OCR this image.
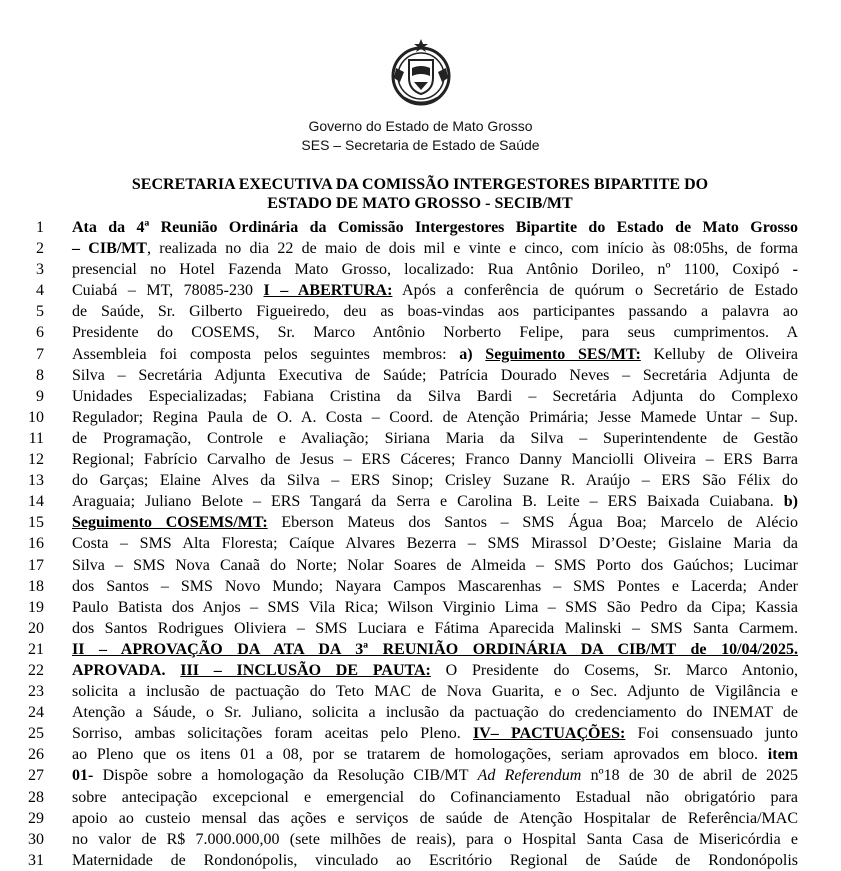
Governo do Estado de Mato Grosso
SES – Secretaria de Estado de Saúde
SECRETARIA EXECUTIVA DA COMISSÃO INTERGESTORES BIPARTITE DO
ESTADO DE MATO GROSSO - SECIB/MT
1 Ata da 4ª Reunião Ordinária da Comissão Intergestores Bipartite do Estado de Mato Grosso
2 – CIB/MT, realizada no dia 22 de maio de dois mil e vinte e cinco, com início às 08:05hs, de forma
3 presencial no Hotel Fazenda Mato Grosso, localizado: Rua Antônio Dorileo, nº 1100, Coxipó -
4 Cuiabá – MT, 78085-230 I – ABERTURA: Após a conferência de quórum o Secretário de Estado
5 de Saúde, Sr. Gilberto Figueiredo, deu as boas-vindas aos participantes passando a palavra ao
6 Presidente do COSEMS, Sr. Marco Antônio Norberto Felipe, para seus cumprimentos. A
7 Assembleia foi composta pelos seguintes membros: a) Seguimento SES/MT: Kelluby de Oliveira
8 Silva – Secretária Adjunta Executiva de Saúde; Patrícia Dourado Neves – Secretária Adjunta de
9 Unidades Especializadas; Fabiana Cristina da Silva Bardi – Secretária Adjunta do Complexo
10 Regulador; Regina Paula de O. A. Costa – Coord. de Atenção Primária; Jesse Mamede Untar – Sup.
11 de Programação, Controle e Avaliação; Siriana Maria da Silva – Superintendente de Gestão
12 Regional; Fabrício Carvalho de Jesus – ERS Cáceres; Franco Danny Manciolli Oliveira – ERS Barra
13 do Garças; Elaine Alves da Silva – ERS Sinop; Crisley Suzane R. Araújo – ERS São Félix do
14 Araguaia; Juliano Belote – ERS Tangará da Serra e Carolina B. Leite – ERS Baixada Cuiabana. b)
15 Seguimento COSEMS/MT: Eberson Mateus dos Santos – SMS Água Boa; Marcelo de Alécio
16 Costa – SMS Alta Floresta; Caíque Alvares Bezerra – SMS Mirassol D’Oeste; Gislaine Maria da
17 Silva – SMS Nova Canaã do Norte; Nolar Soares de Almeida – SMS Porto dos Gaúchos; Lucimar
18 dos Santos – SMS Novo Mundo; Nayara Campos Mascarenhas – SMS Pontes e Lacerda; Ander
19 Paulo Batista dos Anjos – SMS Vila Rica; Wilson Virginio Lima – SMS São Pedro da Cipa; Kassia
20 dos Santos Rodrigues Oliviera – SMS Luciara e Fátima Aparecida Malinski – SMS Santa Carmem.
21 II – APROVAÇÃO DA ATA DA 3ª REUNIÃO ORDINÁRIA DA CIB/MT de 10/04/2025.
22 APROVADA. III – INCLUSÃO DE PAUTA: O Presidente do Cosems, Sr. Marco Antonio,
23 solicita a inclusão de pactuação do Teto MAC de Nova Guarita, e o Sec. Adjunto de Vigilância e
24 Atenção a Sáude, o Sr. Juliano, solicita a inclusão da pactuação do credenciamento do INEMAT de
25 Sorriso, ambas solicitações foram aceitas pelo Pleno. IV– PACTUAÇÕES: Foi consensuado junto
26 ao Pleno que os itens 01 a 08, por se tratarem de homologações, seriam aprovados em bloco. item
27 01- Dispõe sobre a homologação da Resolução CIB/MT Ad Referendum nº18 de 30 de abril de 2025
28 sobre antecipação excepcional e emergencial do Cofinanciamento Estadual não obrigatório para
29 apoio ao custeio mensal das ações e serviços de saúde de Atenção Hospitalar de Referência/MAC
30 no valor de R$ 7.000.000,00 (sete milhões de reais), para o Hospital Santa Casa de Misericórdia e
31 Maternidade de Rondonópolis, vinculado ao Escritório Regional de Saúde de Rondonópolis
